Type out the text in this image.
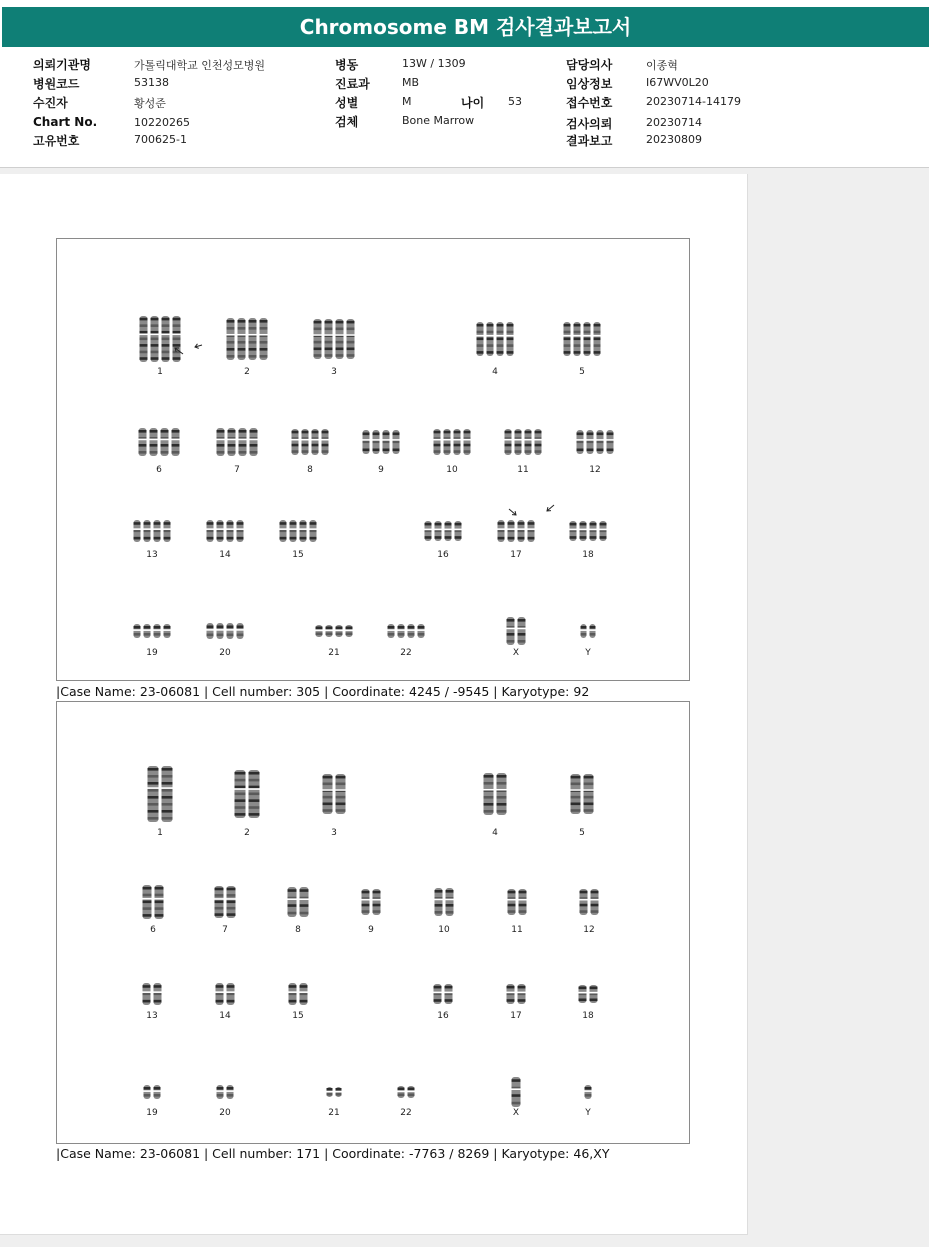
Chromosome BM 검사결과보고서
의뢰기관명	가톨릭대학교 인천성모병원
병원코드	53138
수진자	황성준
Chart No.	10220265
고유번호	700625-1
병동	13W / 1309
진료과	MB
성별	M	나이 53
검체	Bone Marrow
담당의사	이종혁
임상정보	I67WV0L20
접수번호	20230714-14179
검사의뢰	20230714
결과보고	20230809
1	2	3	4	5
6	7	8	9	10	11	12
13	14	15	16	17	18
19	20	21	22	X	Y
|Case Name: 23-06081 | Cell number: 305 | Coordinate: 4245 / -9545 | Karyotype: 92
1	2	3	4	5
6	7	8	9	10	11	12
13	14	15	16	17	18
19	20	21	22	X	Y
|Case Name: 23-06081 | Cell number: 171 | Coordinate: -7763 / 8269 | Karyotype: 46,XY
